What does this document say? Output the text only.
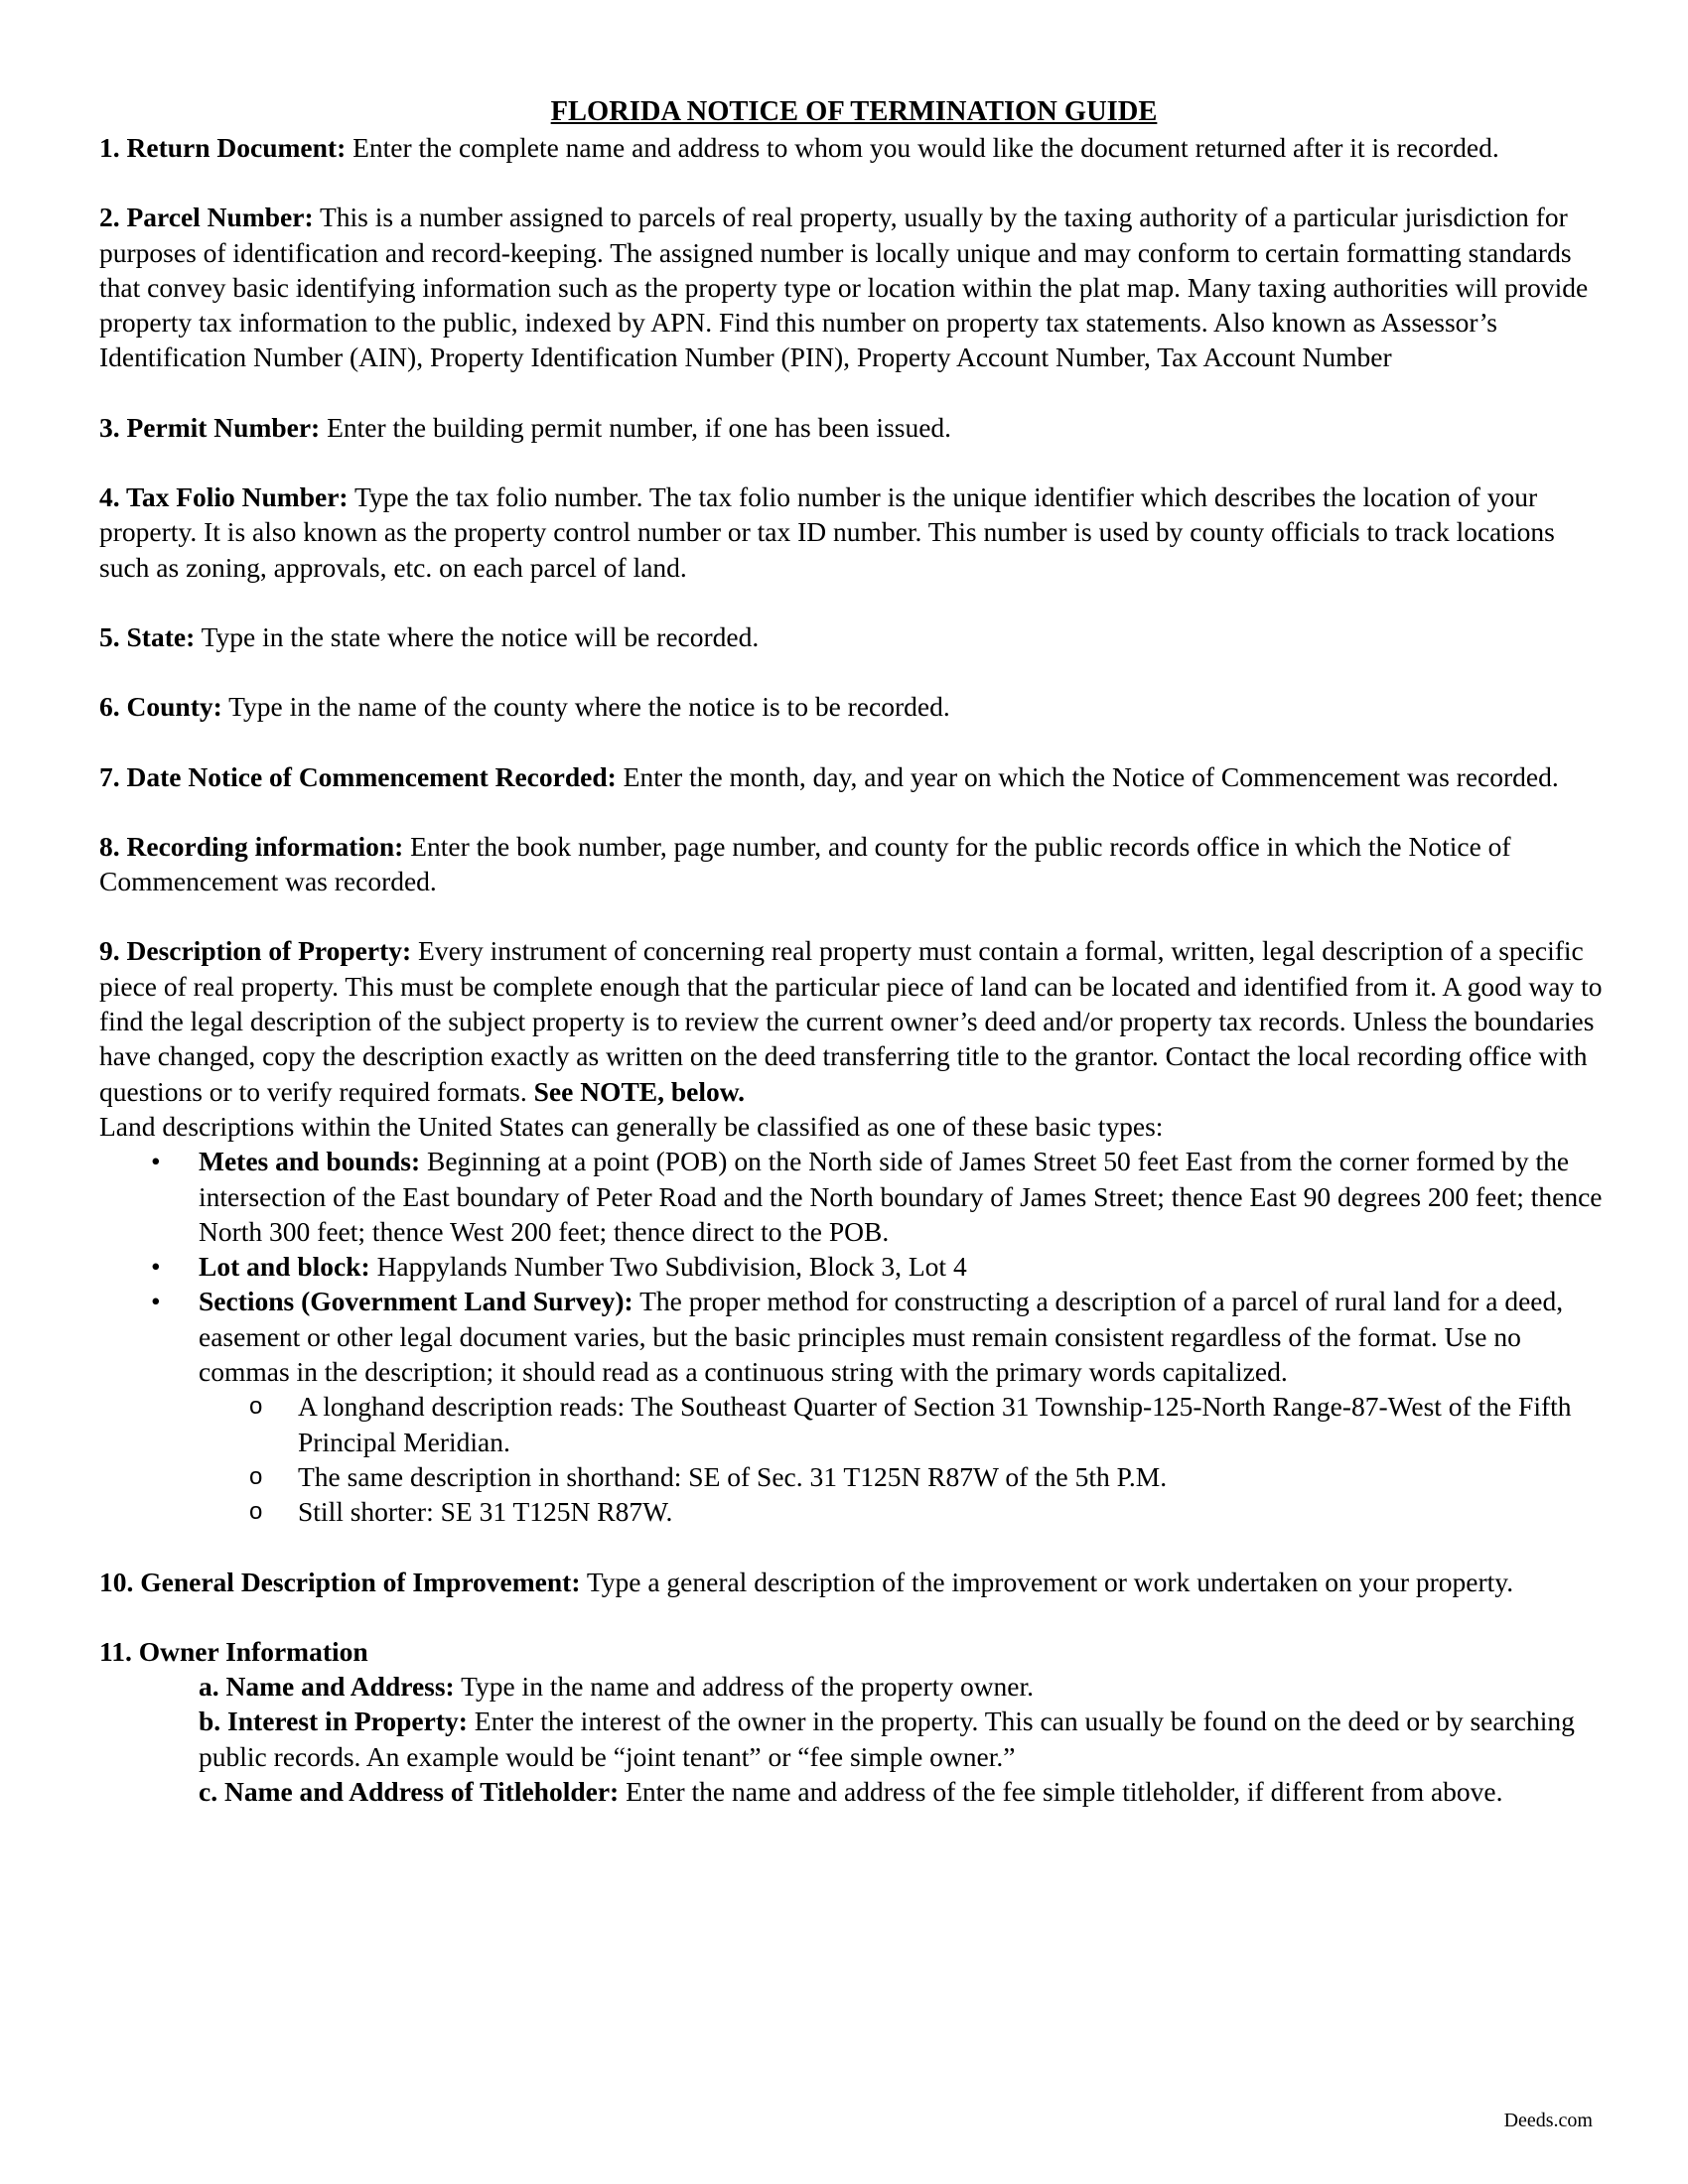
FLORIDA NOTICE OF TERMINATION GUIDE

1. Return Document: Enter the complete name and address to whom you would like the document returned after it is recorded.

2. Parcel Number: This is a number assigned to parcels of real property, usually by the taxing authority of a particular jurisdiction for purposes of identification and record-keeping. The assigned number is locally unique and may conform to certain formatting standards that convey basic identifying information such as the property type or location within the plat map. Many taxing authorities will provide property tax information to the public, indexed by APN. Find this number on property tax statements. Also known as Assessor’s Identification Number (AIN), Property Identification Number (PIN), Property Account Number, Tax Account Number

3. Permit Number: Enter the building permit number, if one has been issued.

4. Tax Folio Number: Type the tax folio number. The tax folio number is the unique identifier which describes the location of your property. It is also known as the property control number or tax ID number. This number is used by county officials to track locations such as zoning, approvals, etc. on each parcel of land.

5. State: Type in the state where the notice will be recorded.

6. County: Type in the name of the county where the notice is to be recorded.

7. Date Notice of Commencement Recorded: Enter the month, day, and year on which the Notice of Commencement was recorded.

8. Recording information: Enter the book number, page number, and county for the public records office in which the Notice of Commencement was recorded.

9. Description of Property: Every instrument of concerning real property must contain a formal, written, legal description of a specific piece of real property. This must be complete enough that the particular piece of land can be located and identified from it. A good way to find the legal description of the subject property is to review the current owner’s deed and/or property tax records. Unless the boundaries have changed, copy the description exactly as written on the deed transferring title to the grantor. Contact the local recording office with questions or to verify required formats. See NOTE, below.

Land descriptions within the United States can generally be classified as one of these basic types:

• Metes and bounds: Beginning at a point (POB) on the North side of James Street 50 feet East from the corner formed by the intersection of the East boundary of Peter Road and the North boundary of James Street; thence East 90 degrees 200 feet; thence North 300 feet; thence West 200 feet; thence direct to the POB.
• Lot and block: Happylands Number Two Subdivision, Block 3, Lot 4
• Sections (Government Land Survey): The proper method for constructing a description of a parcel of rural land for a deed, easement or other legal document varies, but the basic principles must remain consistent regardless of the format. Use no commas in the description; it should read as a continuous string with the primary words capitalized.
o A longhand description reads: The Southeast Quarter of Section 31 Township-125-North Range-87-West of the Fifth Principal Meridian.
o The same description in shorthand: SE of Sec. 31 T125N R87W of the 5th P.M.
o Still shorter: SE 31 T125N R87W.

10. General Description of Improvement: Type a general description of the improvement or work undertaken on your property.

11. Owner Information

a. Name and Address: Type in the name and address of the property owner.

b. Interest in Property: Enter the interest of the owner in the property. This can usually be found on the deed or by searching public records. An example would be “joint tenant” or “fee simple owner.”

c. Name and Address of Titleholder: Enter the name and address of the fee simple titleholder, if different from above.

Deeds.com
